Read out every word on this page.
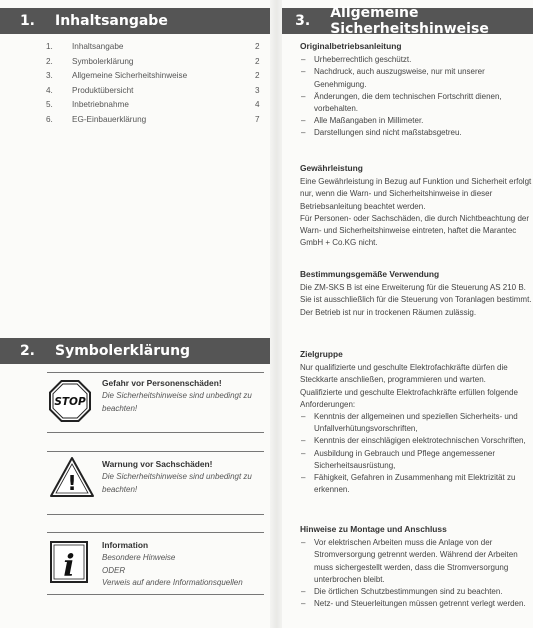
1. Inhaltsangabe
1. Inhaltsangabe	2
2. Symbolerklärung	2
3. Allgemeine Sicherheitshinweise	2
4. Produktübersicht	3
5. Inbetriebnahme	4
6. EG-Einbauerklärung	7
2. Symbolerklärung
STOP
Gefahr vor Personenschäden!
Die Sicherheitshinweise sind unbedingt zu
beachten!
!
Warnung vor Sachschäden!
Die Sicherheitshinweise sind unbedingt zu
beachten!
i
Information
Besondere Hinweise
ODER
Verweis auf andere Informationsquellen
3. Allgemeine Sicherheitshinweise
Originalbetriebsanleitung
– Urheberrechtlich geschützt.
– Nachdruck, auch auszugsweise, nur mit unserer Genehmigung.
– Änderungen, die dem technischen Fortschritt dienen, vorbehalten.
– Alle Maßangaben in Millimeter.
– Darstellungen sind nicht maßstabsgetreu.
Gewährleistung
Eine Gewährleistung in Bezug auf Funktion und Sicherheit erfolgt nur, wenn die Warn- und Sicherheitshinweise in dieser Betriebsanleitung beachtet werden.
Für Personen- oder Sachschäden, die durch Nichtbeachtung der Warn- und Sicherheitshinweise eintreten, haftet die Marantec GmbH + Co.KG nicht.
Bestimmungsgemäße Verwendung
Die ZM-SKS B ist eine Erweiterung für die Steuerung AS 210 B. Sie ist ausschließlich für die Steuerung von Toranlagen bestimmt.
Der Betrieb ist nur in trockenen Räumen zulässig.
Zielgruppe
Nur qualifizierte und geschulte Elektrofachkräfte dürfen die Steckkarte anschließen, programmieren und warten.
Qualifizierte und geschulte Elektrofachkräfte erfüllen folgende Anforderungen:
– Kenntnis der allgemeinen und speziellen Sicherheits- und Unfallverhütungsvorschriften,
– Kenntnis der einschlägigen elektrotechnischen Vorschriften,
– Ausbildung in Gebrauch und Pflege angemessener Sicherheitsausrüstung,
– Fähigkeit, Gefahren in Zusammenhang mit Elektrizität zu erkennen.
Hinweise zu Montage und Anschluss
– Vor elektrischen Arbeiten muss die Anlage von der Stromversorgung getrennt werden. Während der Arbeiten muss sichergestellt werden, dass die Stromversorgung unterbrochen bleibt.
– Die örtlichen Schutzbestimmungen sind zu beachten.
– Netz- und Steuerleitungen müssen getrennt verlegt werden.
